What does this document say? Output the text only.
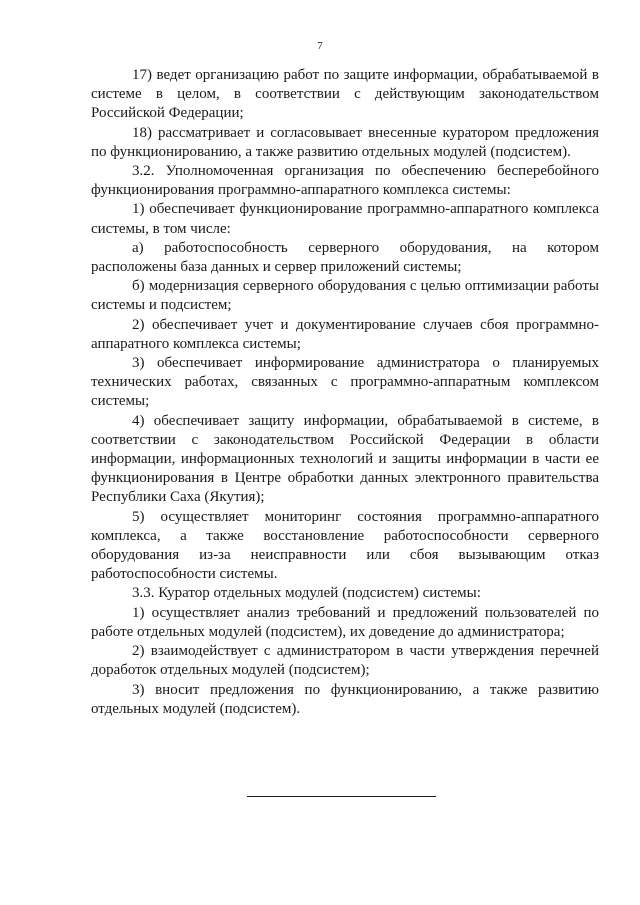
7

17) ведет организацию работ по защите информации, обрабатываемой в системе в целом, в соответствии с действующим законодательством Российской Федерации;

18) рассматривает и согласовывает внесенные куратором предложения по функционированию, а также развитию отдельных модулей (подсистем).

3.2. Уполномоченная организация по обеспечению бесперебойного функционирования программно-аппаратного комплекса системы:

1) обеспечивает функционирование программно-аппаратного комплекса системы, в том числе:

а) работоспособность серверного оборудования, на котором расположены база данных и сервер приложений системы;

б) модернизация серверного оборудования с целью оптимизации работы системы и подсистем;

2) обеспечивает учет и документирование случаев сбоя программно-аппаратного комплекса системы;

3) обеспечивает информирование администратора о планируемых технических работах, связанных с программно-аппаратным комплексом системы;

4) обеспечивает защиту информации, обрабатываемой в системе, в соответствии с законодательством Российской Федерации в области информации, информационных технологий и защиты информации в части ее функционирования в Центре обработки данных электронного правительства Республики Саха (Якутия);

5) осуществляет мониторинг состояния программно-аппаратного комплекса, а также восстановление работоспособности серверного оборудования из-за неисправности или сбоя вызывающим отказ работоспособности системы.

3.3. Куратор отдельных модулей (подсистем) системы:

1) осуществляет анализ требований и предложений пользователей по работе отдельных модулей (подсистем), их доведение до администратора;

2) взаимодействует с администратором в части утверждения перечней доработок отдельных модулей (подсистем);

3) вносит предложения по функционированию, а также развитию отдельных модулей (подсистем).
